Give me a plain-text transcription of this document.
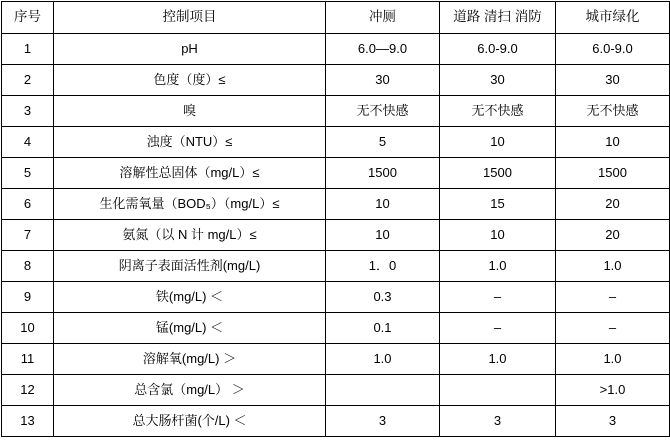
序号	控制项目	冲厕	道路 清扫 消防	城市绿化
1	pH	6.0—9.0	6.0-9.0	6.0-9.0
2	色度（度）≤	30	30	30
3	嗅	无不快感	无不快感	无不快感
4	浊度（NTU）≤	5	10	10
5	溶解性总固体（mg/L）≤	1500	1500	1500
6	生化需氧量（BOD₅）（mg/L）≤	10	15	20
7	氨氮（以 N 计 mg/L）≤	10	10	20
8	阴离子表面活性剂(mg/L)	1．0	1.0	1.0
9	铁(mg/L) ＜	0.3	–	–
10	锰(mg/L) ＜	0.1	–	–
11	溶解氧(mg/L) ＞	1.0	1.0	1.0
12	总含氯（mg/L） ＞			>1.0
13	总大肠杆菌(个/L) ＜	3	3	3
